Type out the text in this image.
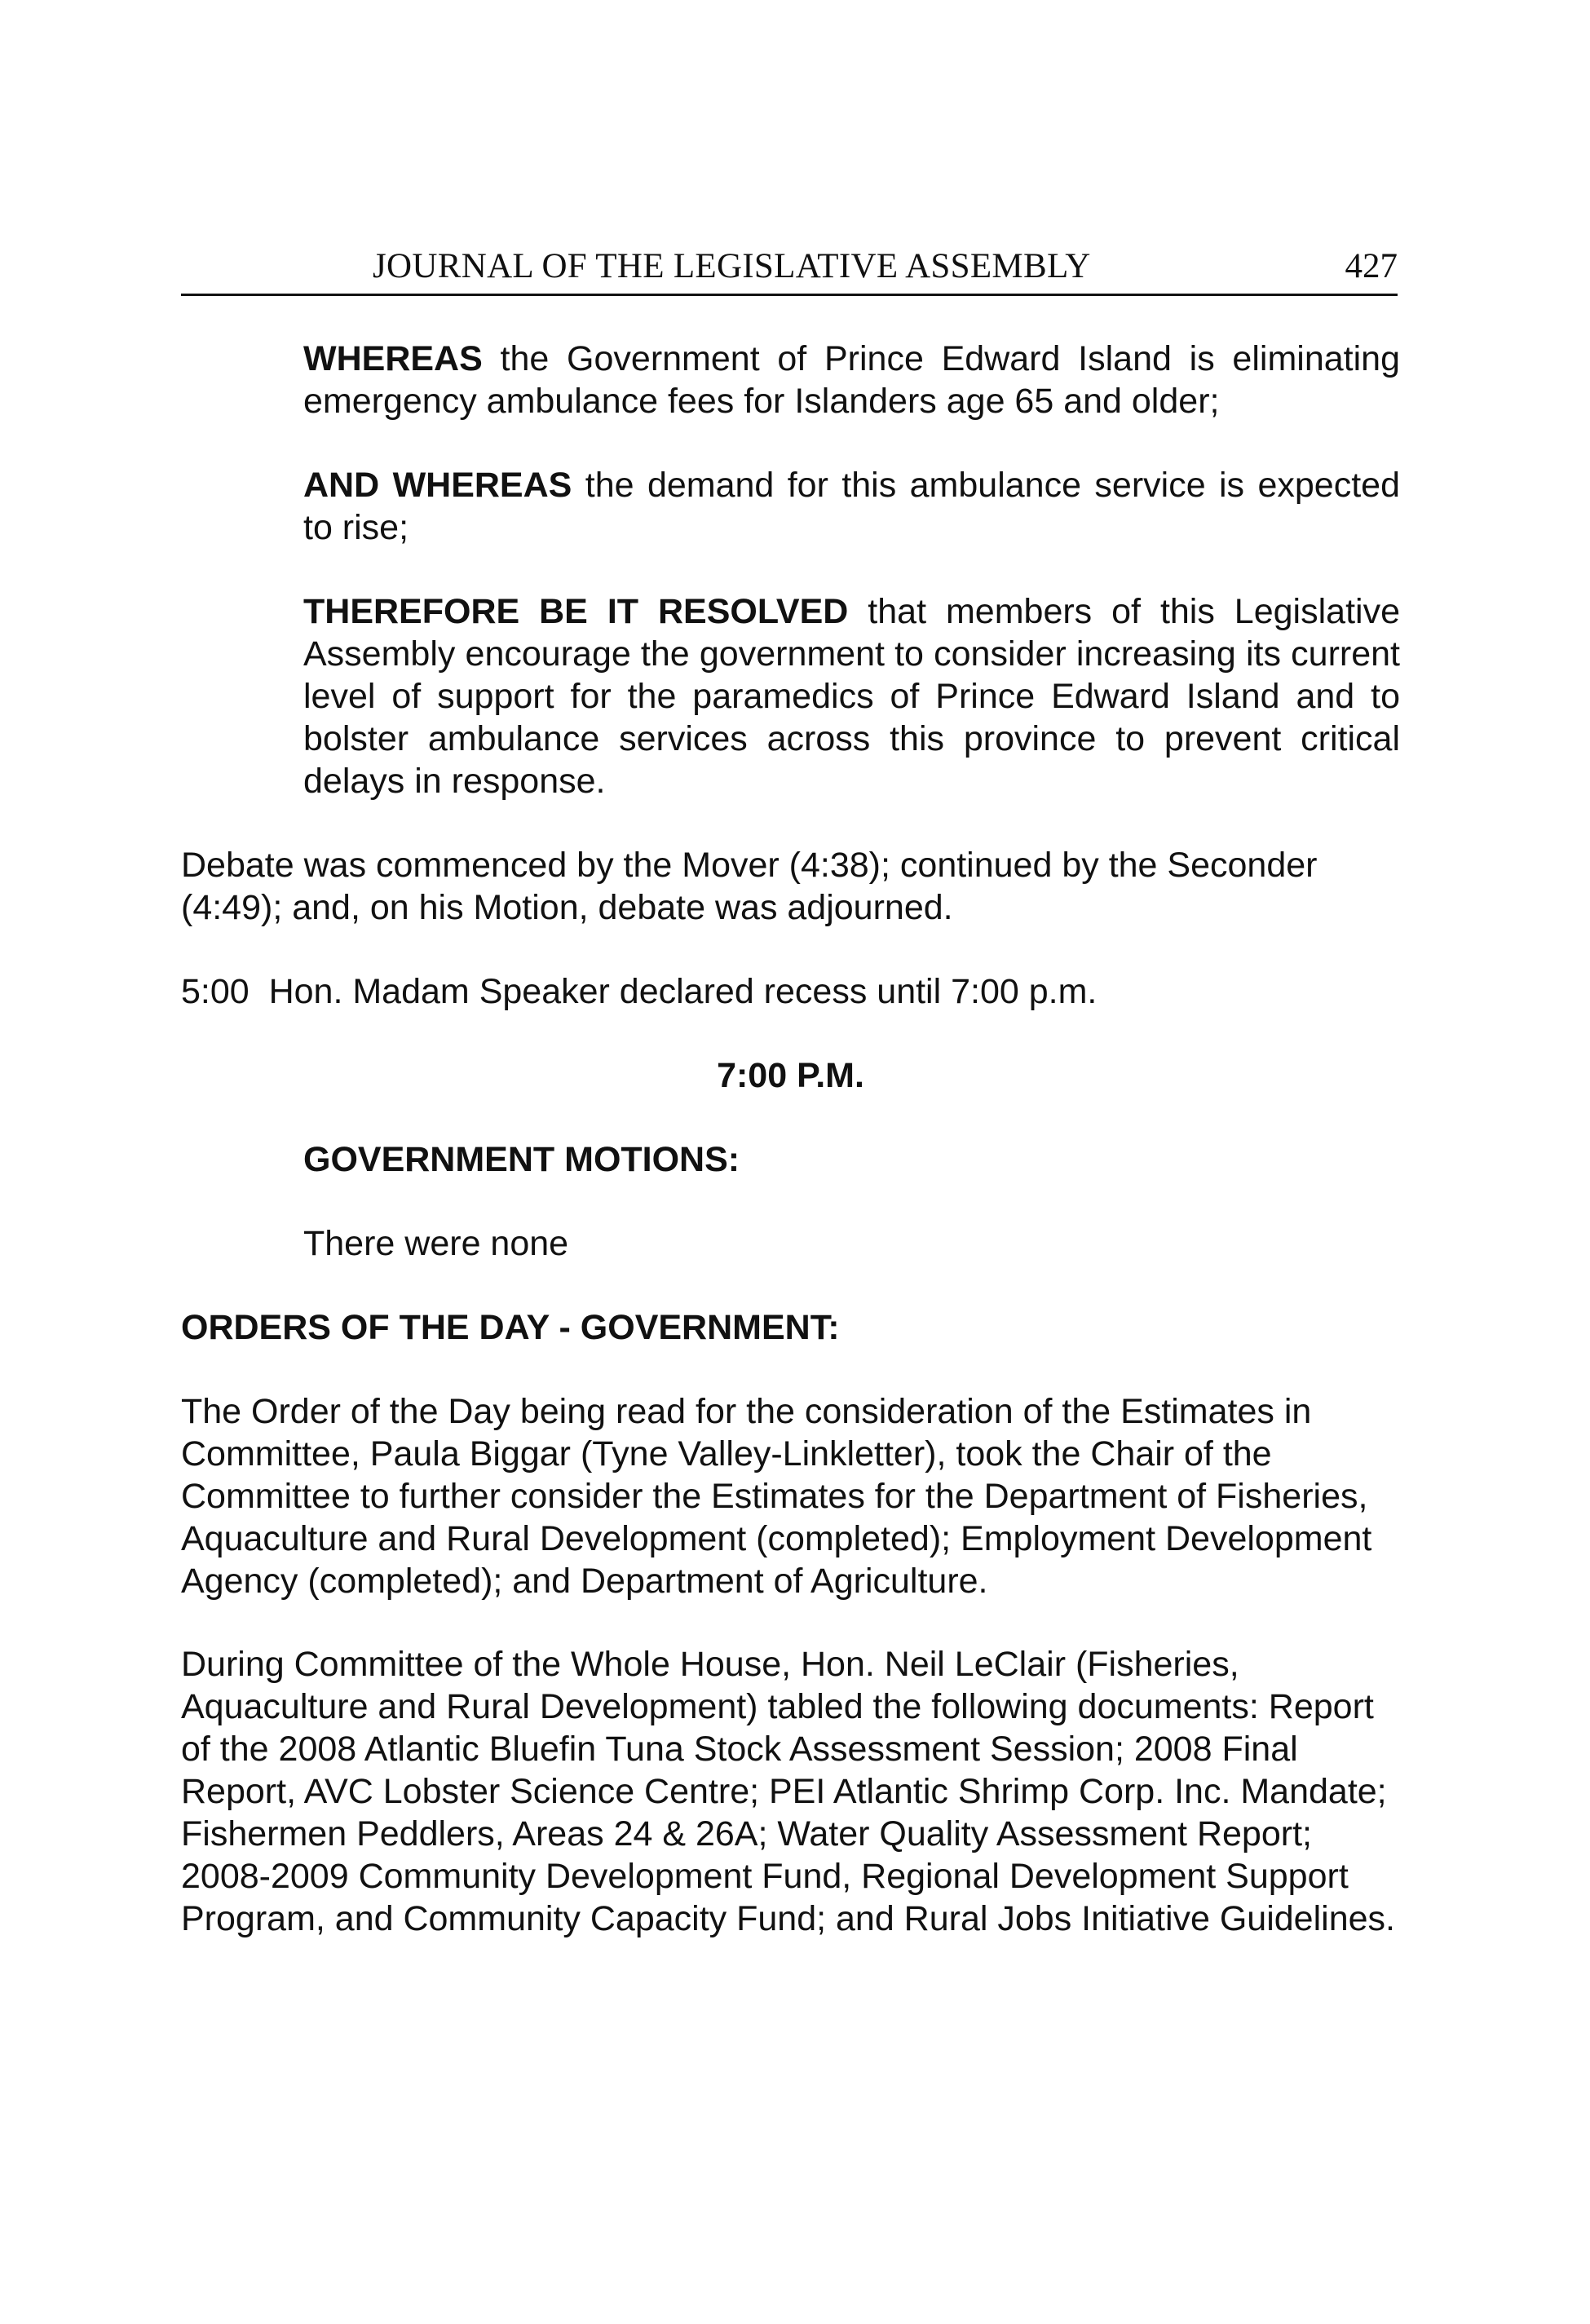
JOURNAL OF THE LEGISLATIVE ASSEMBLY	427
WHEREAS the Government of Prince Edward Island is eliminating emergency ambulance fees for Islanders age 65 and older;
AND WHEREAS the demand for this ambulance service is expected to rise;
THEREFORE BE IT RESOLVED that members of this Legislative Assembly encourage the government to consider increasing its current level of support for the paramedics of Prince Edward Island and to bolster ambulance services across this province to prevent critical delays in response.
Debate was commenced by the Mover (4:38); continued by the Seconder (4:49); and, on his Motion, debate was adjourned.
5:00  Hon. Madam Speaker declared recess until 7:00 p.m.
7:00 P.M.
GOVERNMENT MOTIONS:
There were none
ORDERS OF THE DAY - GOVERNMENT:
The Order of the Day being read for the consideration of the Estimates in Committee, Paula Biggar (Tyne Valley-Linkletter), took the Chair of the Committee to further consider the Estimates for the Department of Fisheries, Aquaculture and Rural Development (completed); Employment Development Agency (completed); and Department of Agriculture.
During Committee of the Whole House, Hon. Neil LeClair (Fisheries, Aquaculture and Rural Development) tabled the following documents: Report of the 2008 Atlantic Bluefin Tuna Stock Assessment Session; 2008 Final Report, AVC Lobster Science Centre; PEI Atlantic Shrimp Corp. Inc. Mandate; Fishermen Peddlers, Areas 24 & 26A; Water Quality Assessment Report; 2008-2009 Community Development Fund, Regional Development Support Program, and Community Capacity Fund; and Rural Jobs Initiative Guidelines.
